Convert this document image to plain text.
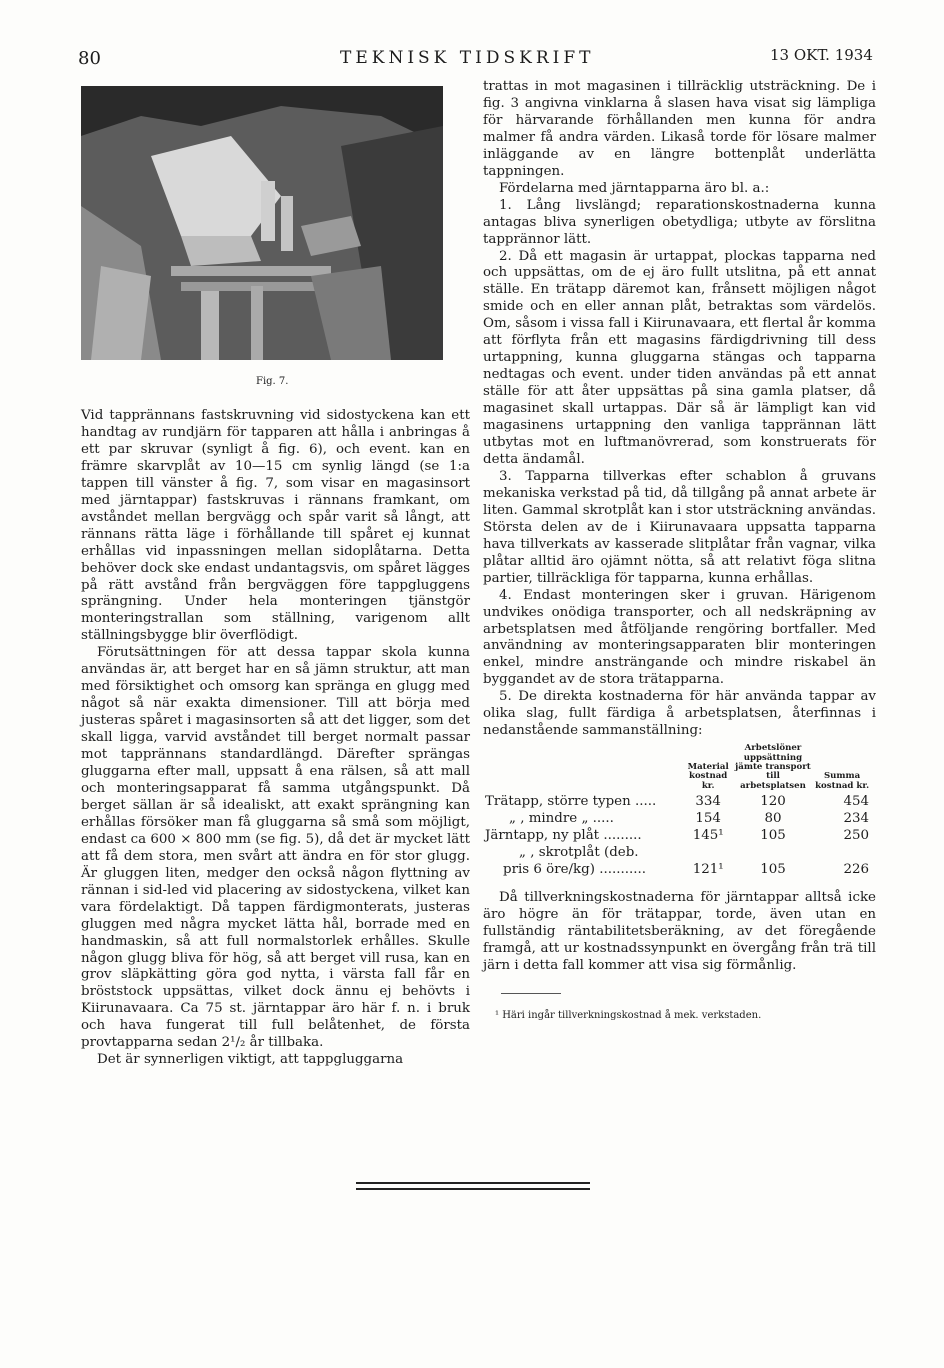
80	TEKNISK TIDSKRIFT	13 OKT. 1934
Fig. 7.

Vid tapprännans fastskruvning vid sidostyckena kan ett handtag av rundjärn för tapparen att hålla i anbringas å ett par skruvar (synligt å fig. 6), och event. kan en främre skarvplåt av 10—15 cm synlig längd (se 1:a tappen till vänster å fig. 7, som visar en magasinsort med järntappar) fastskruvas i rännans framkant, om avståndet mellan bergvägg och spår varit så långt, att rännans rätta läge i förhållande till spåret ej kunnat erhållas vid inpassningen mellan sidoplåtarna. Detta behöver dock ske endast undantagsvis, om spåret lägges på rätt avstånd från bergväggen före tappgluggens sprängning. Under hela monteringen tjänstgör monteringstrallan som ställning, varigenom allt ställningsbygge blir överflödigt.

Förutsättningen för att dessa tappar skola kunna användas är, att berget har en så jämn struktur, att man med försiktighet och omsorg kan spränga en glugg med något så när exakta dimensioner. Till att börja med justeras spåret i magasinsorten så att det ligger, som det skall ligga, varvid avståndet till berget normalt passar mot tapprännans standardlängd. Därefter sprängas gluggarna efter mall, uppsatt å ena rälsen, så att mall och monteringsapparat få samma utgångspunkt. Då berget sällan är så idealiskt, att exakt sprängning kan erhållas försöker man få gluggarna så små som möjligt, endast ca 600 × 800 mm (se fig. 5), då det är mycket lätt att få dem stora, men svårt att ändra en för stor glugg. Är gluggen liten, medger den också någon flyttning av rännan i sid-led vid placering av sidostyckena, vilket kan vara fördelaktigt. Då tappen färdigmonterats, justeras gluggen med några mycket lätta hål, borrade med en handmaskin, så att full normalstorlek erhålles. Skulle någon glugg bliva för hög, så att berget vill rusa, kan en grov släpkätting göra god nytta, i värsta fall får en bröststock uppsättas, vilket dock ännu ej behövts i Kiirunavaara. Ca 75 st. järntappar äro här f. n. i bruk och hava fungerat till full belåtenhet, de första provtapparna sedan 2¹/₂ år tillbaka.

Det är synnerligen viktigt, att tappgluggarna

trattas in mot magasinen i tillräcklig utsträckning. De i fig. 3 angivna vinklarna å slasen hava visat sig lämpliga för härvarande förhållanden men kunna för andra malmer få andra värden. Likaså torde för lösare malmer inläggande av en längre bottenplåt underlätta tappningen.

Fördelarna med järntapparna äro bl. a.:

1. Lång livslängd; reparationskostnaderna kunna antagas bliva synerligen obetydliga; utbyte av förslitna tapprännor lätt.

2. Då ett magasin är urtappat, plockas tapparna ned och uppsättas, om de ej äro fullt utslitna, på ett annat ställe. En trätapp däremot kan, frånsett möjligen något smide och en eller annan plåt, betraktas som värdelös. Om, såsom i vissa fall i Kiirunavaara, ett flertal år komma att förflyta från ett magasins färdigdrivning till dess urtappning, kunna gluggarna stängas och tapparna nedtagas och event. under tiden användas på ett annat ställe för att åter uppsättas på sina gamla platser, då magasinet skall urtappas. Där så är lämpligt kan vid magasinens urtappning den vanliga tapprännan lätt utbytas mot en luftmanövrerad, som konstruerats för detta ändamål.

3. Tapparna tillverkas efter schablon å gruvans mekaniska verkstad på tid, då tillgång på annat arbete är liten. Gammal skrotplåt kan i stor utsträckning användas. Största delen av de i Kiirunavaara uppsatta tapparna hava tillverkats av kasserade slitplåtar från vagnar, vilka plåtar alltid äro ojämnt nötta, så att relativt föga slitna partier, tillräckliga för tapparna, kunna erhållas.

4. Endast monteringen sker i gruvan. Härigenom undvikes onödiga transporter, och all nedskräpning av arbetsplatsen med åtföljande rengöring bortfaller. Med användning av monteringsapparaten blir monteringen enkel, mindre ansträngande och mindre riskabel än byggandet av de stora trätapparna.

5. De direkta kostnaderna för här använda tappar av olika slag, fullt färdiga å arbetsplatsen, återfinnas i nedanstående sammanställning:

	Material kostnad kr.	Arbetslöner uppsättning jämte transport till arbetsplatsen	Summa kostnad kr.
Trätapp, större typen .....	334	120	454
„ , mindre „ .....	154	80	234
Järntapp, ny plåt .........	145¹	105	250
„ , skrotplåt (deb.			
pris 6 öre/kg) ...........	121¹	105	226

Då tillverkningskostnaderna för järntappar alltså icke äro högre än för trätappar, torde, även utan en fullständig räntabilitetsberäkning, av det föregående framgå, att ur kostnadssynpunkt en övergång från trä till järn i detta fall kommer att visa sig förmånlig.

¹ Häri ingår tillverkningskostnad å mek. verkstaden.
